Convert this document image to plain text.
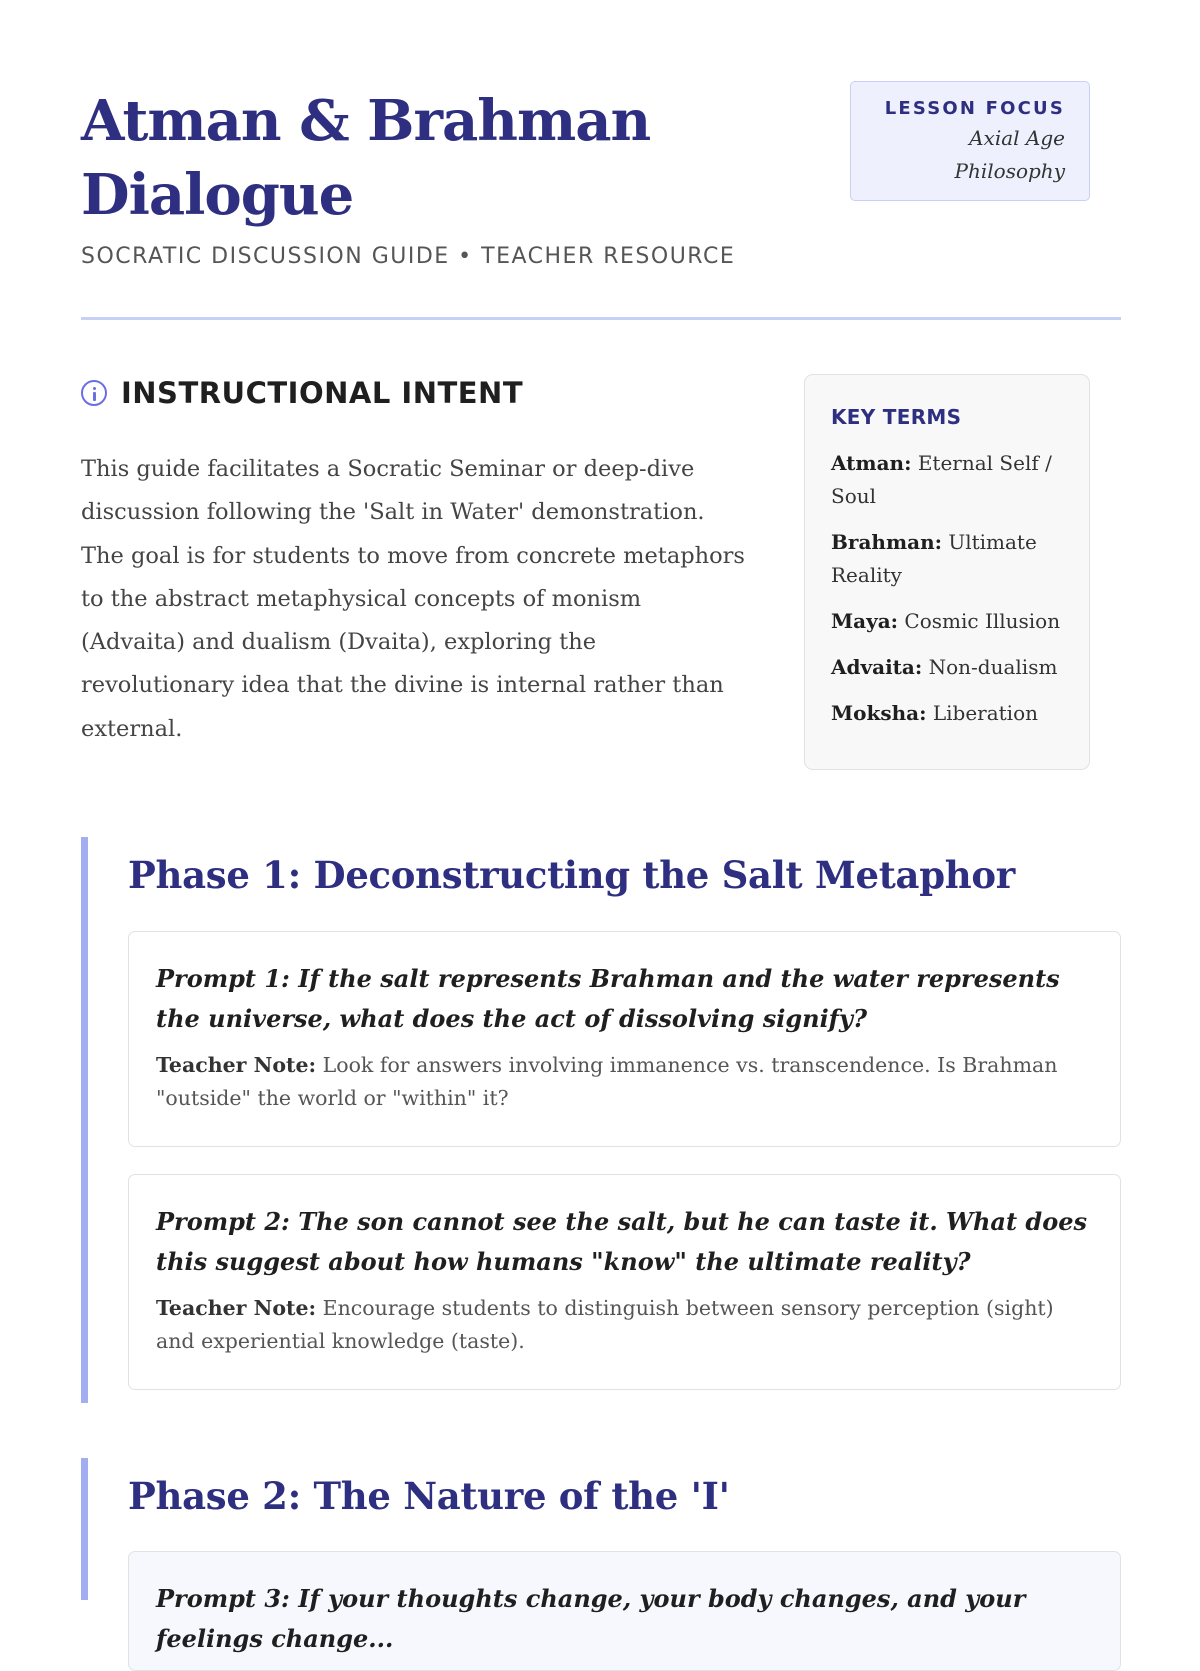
Atman & Brahman Dialogue
SOCRATIC DISCUSSION GUIDE • TEACHER RESOURCE
LESSON FOCUS
Axial Age Philosophy
INSTRUCTIONAL INTENT

This guide facilitates a Socratic Seminar or deep-dive discussion following the 'Salt in Water' demonstration. The goal is for students to move from concrete metaphors to the abstract metaphysical concepts of monism (Advaita) and dualism (Dvaita), exploring the revolutionary idea that the divine is internal rather than external.

KEY TERMS
Atman: Eternal Self / Soul
Brahman: Ultimate Reality
Maya: Cosmic Illusion
Advaita: Non-dualism
Moksha: Liberation
Phase 1: Deconstructing the Salt Metaphor

Prompt 1: If the salt represents Brahman and the water represents the universe, what does the act of dissolving signify?

Teacher Note: Look for answers involving immanence vs. transcendence. Is Brahman "outside" the world or "within" it?

Prompt 2: The son cannot see the salt, but he can taste it. What does this suggest about how humans "know" the ultimate reality?

Teacher Note: Encourage students to distinguish between sensory perception (sight) and experiential knowledge (taste).

Phase 2: The Nature of the 'I'

Prompt 3: If your thoughts change, your body changes, and your feelings change...
